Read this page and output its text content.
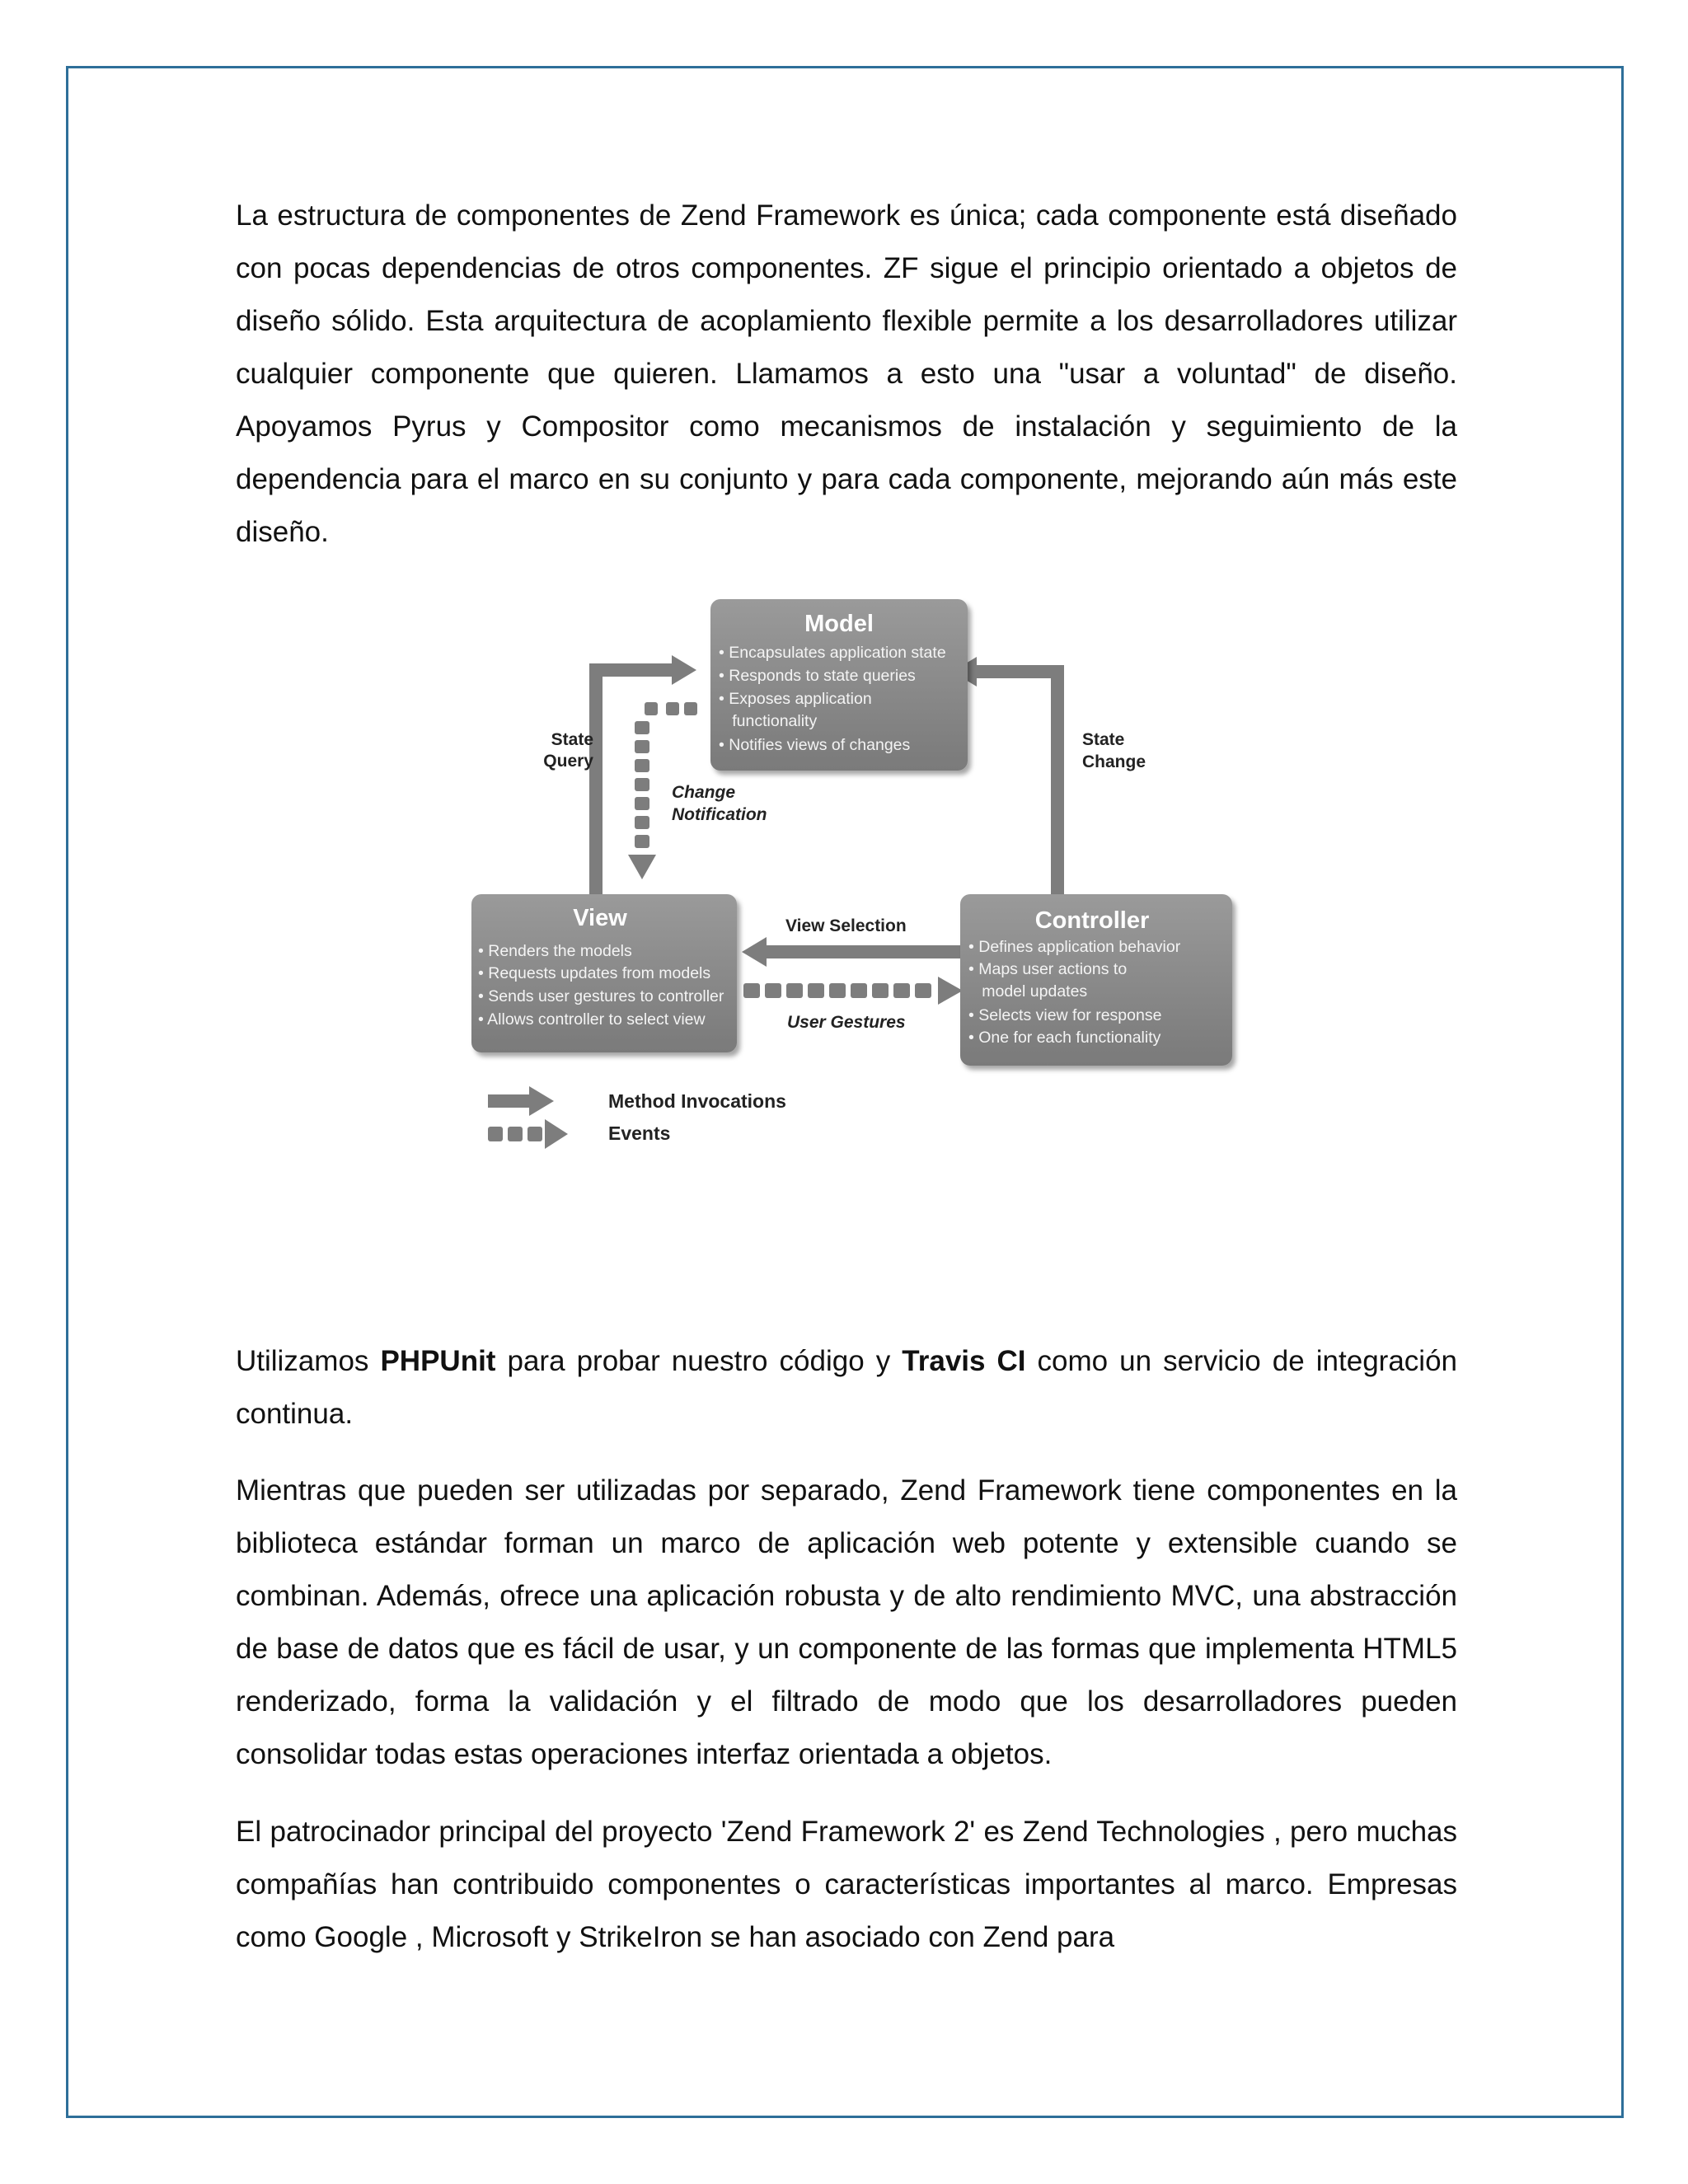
La estructura de componentes de Zend Framework es única; cada componente está diseñado con pocas dependencias de otros componentes. ZF sigue el principio orientado a objetos de diseño sólido. Esta arquitectura de acoplamiento flexible permite a los desarrolladores utilizar cualquier componente que quieren. Llamamos a esto una "usar a voluntad" de diseño. Apoyamos Pyrus y Compositor como mecanismos de instalación y seguimiento de la dependencia para el marco en su conjunto y para cada componente, mejorando aún más este diseño.

Model
• Encapsulates application state
• Responds to state queries
• Exposes application
functionality
• Notifies views of changes
View
• Renders the models
• Requests updates from models
• Sends user gestures to controller
• Allows controller to select view
Controller
• Defines application behavior
• Maps user actions to
model updates
• Selects view for response
• One for each functionality
State
Query
State
Change
Change
Notification
View Selection
User Gestures
Method Invocations
Events

Utilizamos PHPUnit para probar nuestro código y Travis CI como un servicio de integración continua.

Mientras que pueden ser utilizadas por separado, Zend Framework tiene componentes en la biblioteca estándar forman un marco de aplicación web potente y extensible cuando se combinan. Además, ofrece una aplicación robusta y de alto rendimiento MVC, una abstracción de base de datos que es fácil de usar, y un componente de las formas que implementa HTML5 renderizado, forma la validación y el filtrado de modo que los desarrolladores pueden consolidar todas estas operaciones interfaz orientada a objetos.

El patrocinador principal del proyecto 'Zend Framework 2' es Zend Technologies , pero muchas compañías han contribuido componentes o características importantes al marco. Empresas como Google , Microsoft y StrikeIron se han asociado con Zend para
